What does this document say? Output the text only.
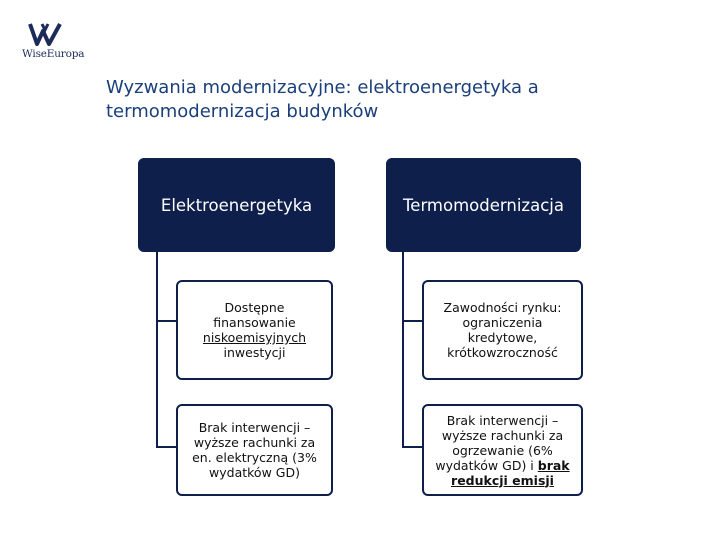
WiseEuropa
Wyzwania modernizacyjne: elektroenergetyka a termomodernizacja budynków
Elektroenergetyka	Termomodernizacja
Dostępne finansowanie niskoemisyjnych inwestycji
Brak interwencji – wyższe rachunki za en. elektryczną (3% wydatków GD)
Zawodności rynku: ograniczenia kredytowe, krótkowzroczność
Brak interwencji – wyższe rachunki za ogrzewanie (6% wydatków GD) i brak redukcji emisji
